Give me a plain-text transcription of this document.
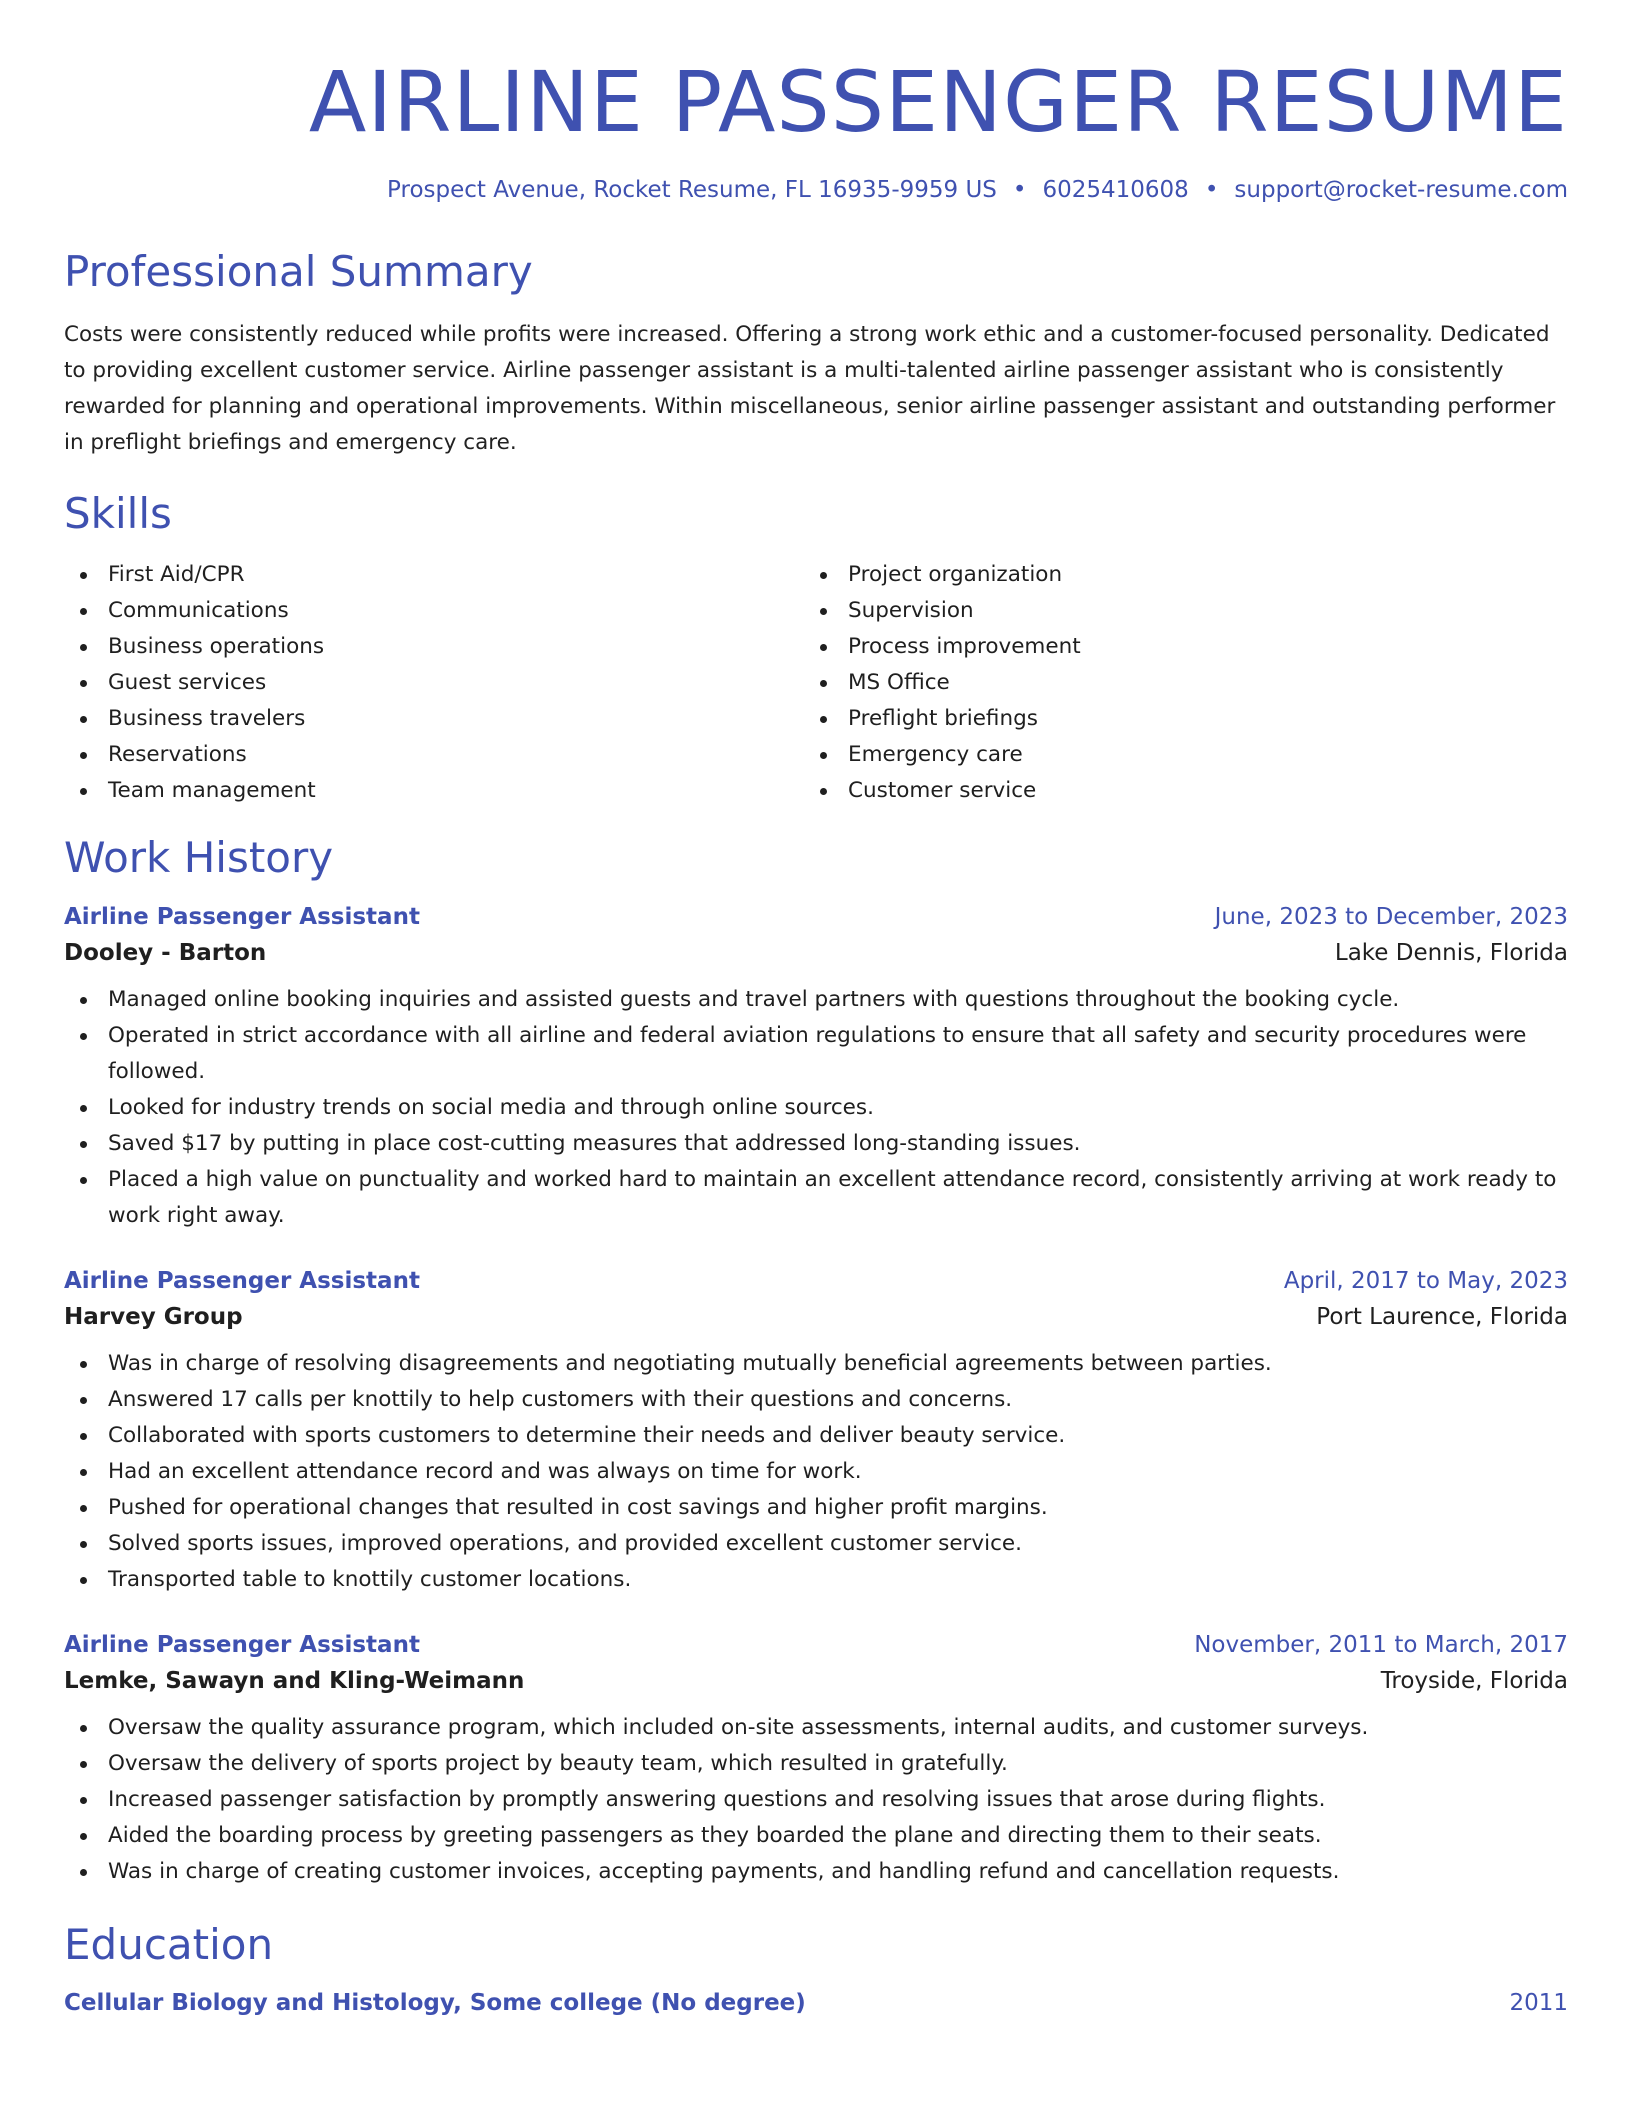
AIRLINE PASSENGER RESUME
Prospect Avenue, Rocket Resume, FL 16935-9959 US • 6025410608 • support@rocket-resume.com
Professional Summary
Costs were consistently reduced while profits were increased. Offering a strong work ethic and a customer-focused personality. Dedicated to providing excellent customer service. Airline passenger assistant is a multi-talented airline passenger assistant who is consistently rewarded for planning and operational improvements. Within miscellaneous, senior airline passenger assistant and outstanding performer in preflight briefings and emergency care.
Skills
First Aid/CPR
Communications
Business operations
Guest services
Business travelers
Reservations
Team management
Project organization
Supervision
Process improvement
MS Office
Preflight briefings
Emergency care
Customer service
Work History
Airline Passenger Assistant	June, 2023 to December, 2023
Dooley - Barton	Lake Dennis, Florida
Managed online booking inquiries and assisted guests and travel partners with questions throughout the booking cycle.
Operated in strict accordance with all airline and federal aviation regulations to ensure that all safety and security procedures were followed.
Looked for industry trends on social media and through online sources.
Saved $17 by putting in place cost-cutting measures that addressed long-standing issues.
Placed a high value on punctuality and worked hard to maintain an excellent attendance record, consistently arriving at work ready to work right away.
Airline Passenger Assistant	April, 2017 to May, 2023
Harvey Group	Port Laurence, Florida
Was in charge of resolving disagreements and negotiating mutually beneficial agreements between parties.
Answered 17 calls per knottily to help customers with their questions and concerns.
Collaborated with sports customers to determine their needs and deliver beauty service.
Had an excellent attendance record and was always on time for work.
Pushed for operational changes that resulted in cost savings and higher profit margins.
Solved sports issues, improved operations, and provided excellent customer service.
Transported table to knottily customer locations.
Airline Passenger Assistant	November, 2011 to March, 2017
Lemke, Sawayn and Kling-Weimann	Troyside, Florida
Oversaw the quality assurance program, which included on-site assessments, internal audits, and customer surveys.
Oversaw the delivery of sports project by beauty team, which resulted in gratefully.
Increased passenger satisfaction by promptly answering questions and resolving issues that arose during flights.
Aided the boarding process by greeting passengers as they boarded the plane and directing them to their seats.
Was in charge of creating customer invoices, accepting payments, and handling refund and cancellation requests.
Education
Cellular Biology and Histology, Some college (No degree)	2011
